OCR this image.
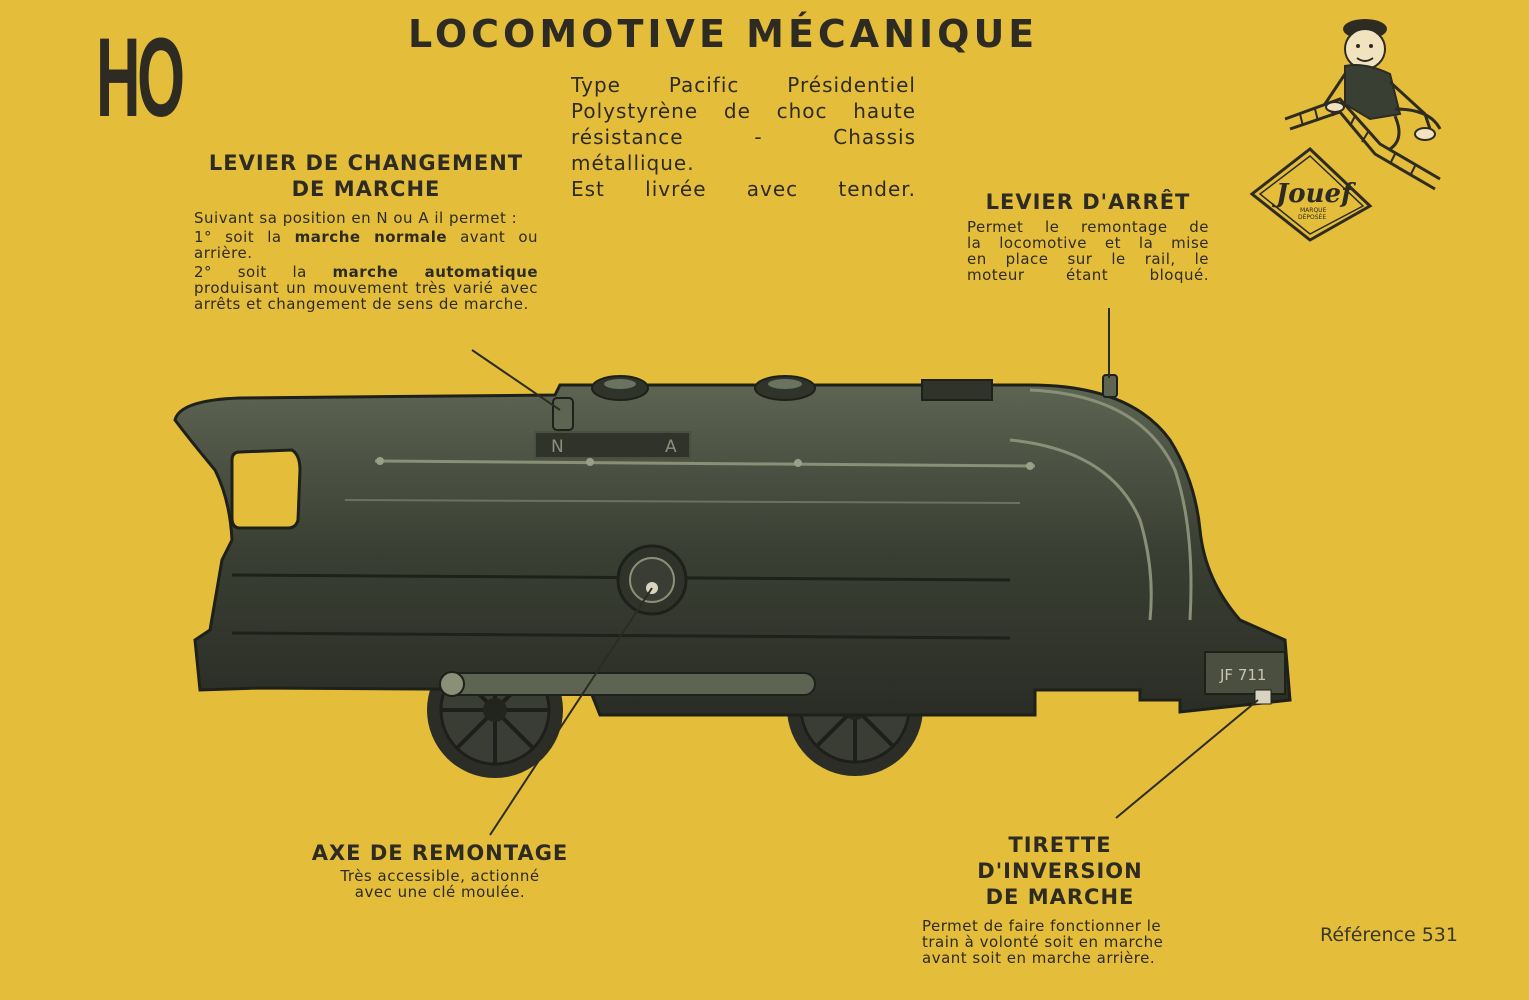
HO	LOCOMOTIVE MÉCANIQUE
Type Pacific Présidentiel
Polystyrène de choc haute
résistance - Chassis métallique.
Est livrée avec tender.
LEVIER DE CHANGEMENT
DE MARCHE

Suivant sa position en N ou A il permet :

1° soit la marche normale avant ou arrière.

2° soit la marche automatique produisant un mouvement très varié avec arrêts et changement de sens de marche.

LEVIER D'ARRÊT
Permet le remontage de
la locomotive et la mise
en place sur le rail, le
moteur étant bloqué.
AXE DE REMONTAGE
Très accessible, actionné
avec une clé moulée.
TIRETTE D'INVERSION
DE MARCHE
Permet de faire fonctionner le
train à volonté soit en marche
avant soit en marche arrière.
Référence 531
N	A
JF 711
Jouef
MARQUE
DÉPOSÉE
